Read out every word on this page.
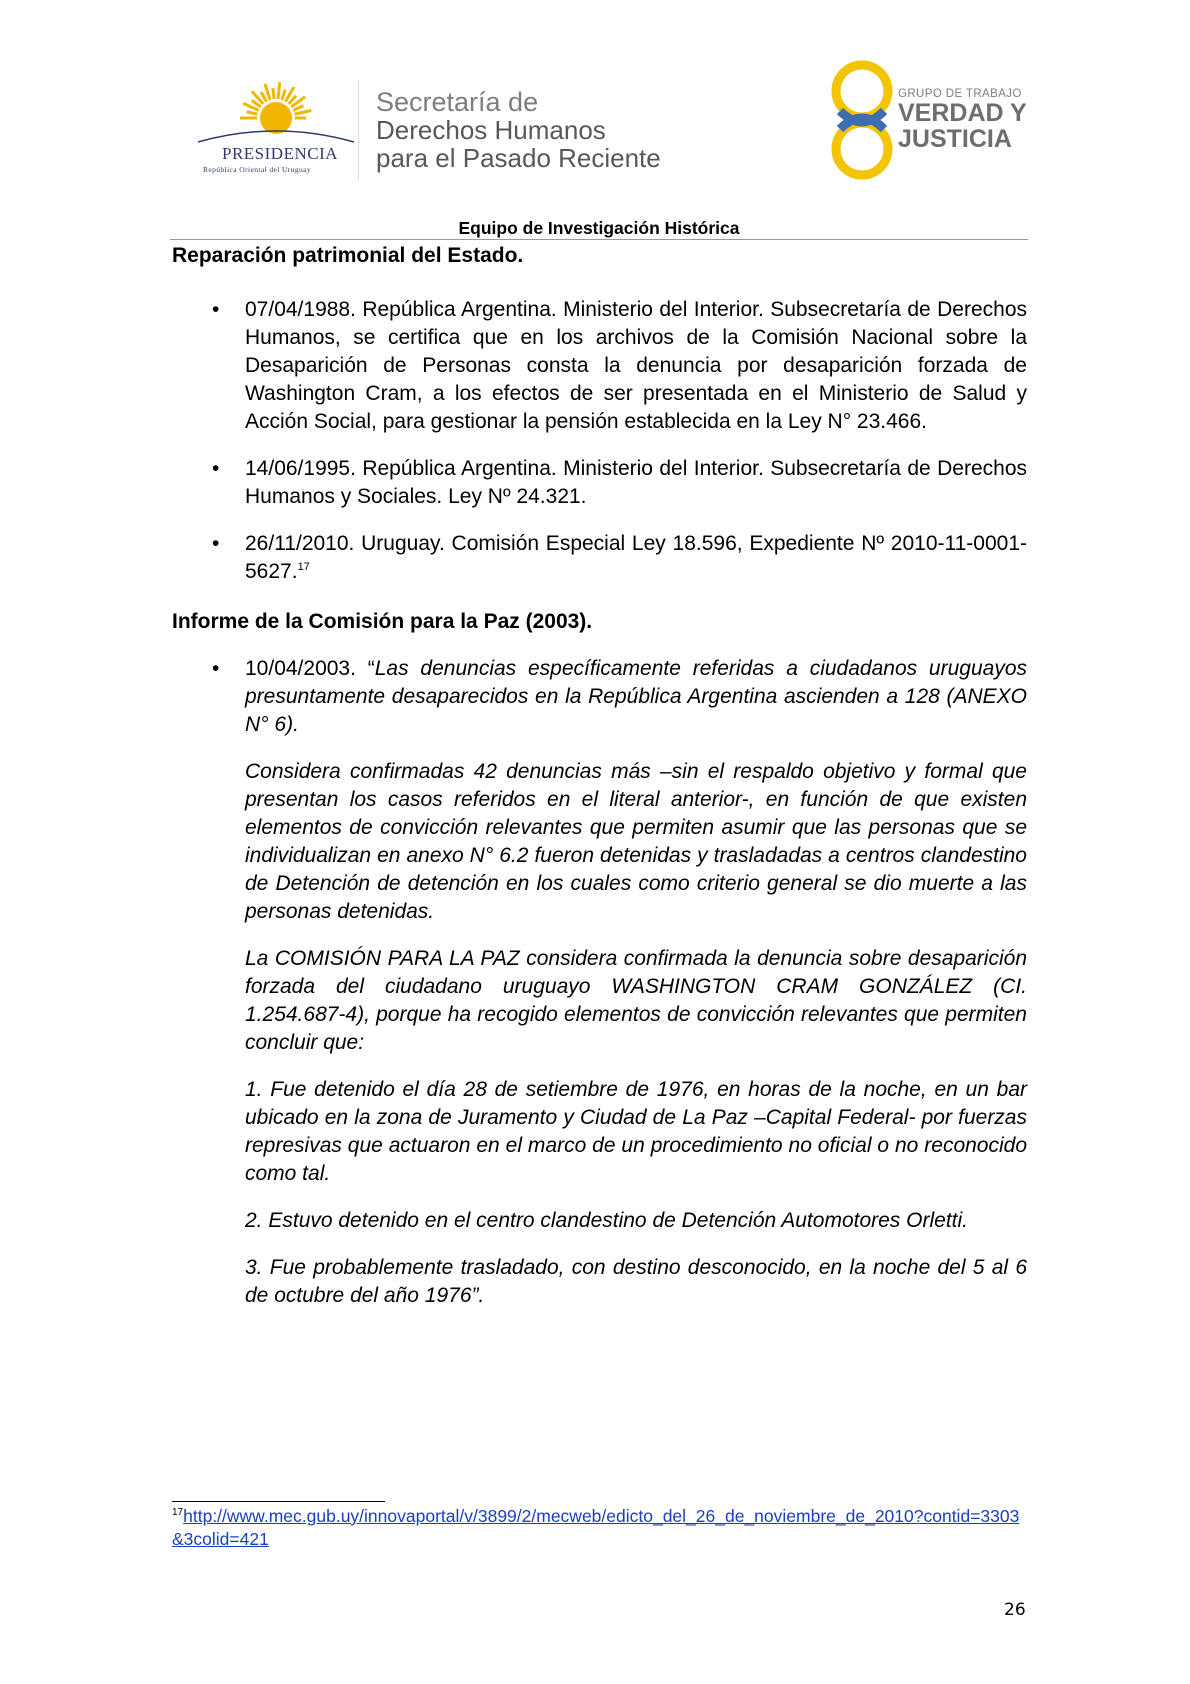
PRESIDENCIA
República Oriental del Uruguay
Secretaría de
Derechos Humanos
para el Pasado Reciente
GRUPO DE TRABAJO
VERDAD Y
JUSTICIA
Equipo de Investigación Histórica

Reparación patrimonial del Estado.

• 07/04/1988. República Argentina. Ministerio del Interior. Subsecretaría de Derechos Humanos, se certifica que en los archivos de la Comisión Nacional sobre la Desaparición de Personas consta la denuncia por desaparición forzada de Washington Cram, a los efectos de ser presentada en el Ministerio de Salud y Acción Social, para gestionar la pensión establecida en la Ley N° 23.466.

• 14/06/1995. República Argentina. Ministerio del Interior. Subsecretaría de Derechos Humanos y Sociales. Ley Nº 24.321.

• 26/11/2010. Uruguay. Comisión Especial Ley 18.596, Expediente Nº 2010-11-0001-5627.17

Informe de la Comisión para la Paz (2003).

• 10/04/2003. “Las denuncias específicamente referidas a ciudadanos uruguayos presuntamente desaparecidos en la República Argentina ascienden a 128 (ANEXO N° 6).

Considera confirmadas 42 denuncias más –sin el respaldo objetivo y formal que presentan los casos referidos en el literal anterior-, en función de que existen elementos de convicción relevantes que permiten asumir que las personas que se individualizan en anexo N° 6.2 fueron detenidas y trasladadas a centros clandestino de Detención de detención en los cuales como criterio general se dio muerte a las personas detenidas.

La COMISIÓN PARA LA PAZ considera confirmada la denuncia sobre desaparición forzada del ciudadano uruguayo WASHINGTON CRAM GONZÁLEZ (CI. 1.254.687-4), porque ha recogido elementos de convicción relevantes que permiten concluir que:

1. Fue detenido el día 28 de setiembre de 1976, en horas de la noche, en un bar ubicado en la zona de Juramento y Ciudad de La Paz –Capital Federal- por fuerzas represivas que actuaron en el marco de un procedimiento no oficial o no reconocido como tal.

2. Estuvo detenido en el centro clandestino de Detención Automotores Orletti.

3. Fue probablemente trasladado, con destino desconocido, en la noche del 5 al 6 de octubre del año 1976”.

$^{17}$http://www.mec.gub.uy/innovaportal/v/3899/2/mecweb/edicto_del_26_de_noviembre_de_2010?contid=3303&3colid=421
26
